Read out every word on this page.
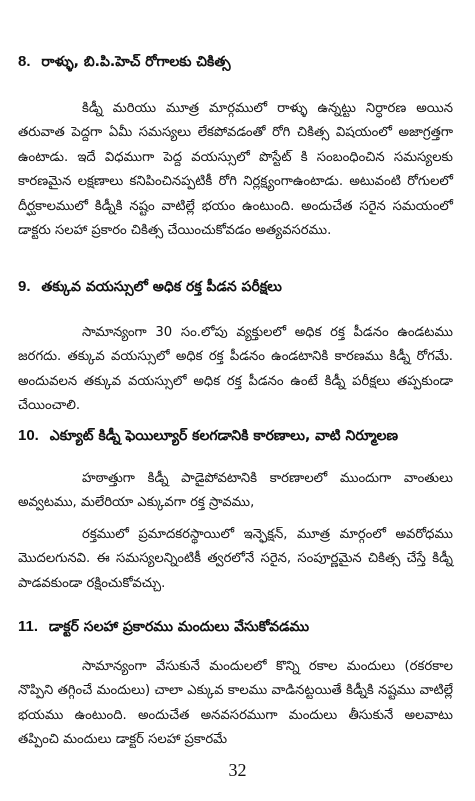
8. రాళ్ళు, బి.పి.హెచ్ రోగాలకు చికిత్స
కిడ్నీ మరియు మూత్ర మార్గములో రాళ్ళు ఉన్నట్టు నిర్ధారణ అయిన తరువాత పెద్దగా ఏమీ సమస్యలు లేకపోవడంతో రోగి చికిత్స విషయంలో అజాగ్రత్తగా ఉంటాడు. ఇదే విధముగా పెద్ద వయస్సులో పొస్టేట్ కి సంబంధించిన సమస్యలకు కారణమైన లక్షణాలు కనిపించినప్పటికీ రోగి నిర్లక్ష్యంగాఉంటాడు. అటువంటి రోగులలో దీర్ఘకాలములో కిడ్నీకి నష్టం వాటిల్లే భయం ఉంటుంది. అందుచేత సరైన సమయంలో డాక్టరు సలహా ప్రకారం చికిత్స చేయించుకోవడం అత్యవసరము.
9. తక్కువ వయస్సులో అధిక రక్త పీడన పరీక్షలు
సామాన్యంగా 30 సం.లోపు వ్యక్తులలో అధిక రక్త పీడనం ఉండటము జరగదు. తక్కువ వయస్సులో అధిక రక్త పీడనం ఉండటానికి కారణము కిడ్నీ రోగమే. అందువలన తక్కువ వయస్సులో అధిక రక్త పీడనం ఉంటే కిడ్నీ పరీక్షలు తప్పకుండా చేయించాలి.
10. ఎక్యూట్ కిడ్నీ ఫెయిల్యూర్ కలగడానికి కారణాలు, వాటి నిర్మూలణ
హఠాత్తుగా కిడ్నీ పాడైపోవటానికి కారణాలలో ముందుగా వాంతులు అవ్వటము, మలేరియా ఎక్కువగా రక్త స్రావము,
రక్తములో ప్రమాదకరస్థాయిలో ఇన్ఫెక్షన్, మూత్ర మార్గంలో అవరోధము మొదలగునవి. ఈ సమస్యలన్నింటికీ త్వరలోనే సరైన, సంపూర్ణమైన చికిత్స చేస్తే కిడ్నీ పాడవకుండా రక్షించుకోవచ్చు.
11. డాక్టర్ సలహా ప్రకారము మందులు వేసుకోవడము
సామాన్యంగా వేసుకునే మందులలో కొన్ని రకాల మందులు (రకరకాల నొప్పిని తగ్గించే మందులు) చాలా ఎక్కువ కాలము వాడినట్టయితే కిడ్నీకి నష్టము వాటిల్లే భయము ఉంటుంది. అందుచేత అనవసరముగా మందులు తీసుకునే అలవాటు తప్పించి మందులు డాక్టర్ సలహా ప్రకారమే
32
